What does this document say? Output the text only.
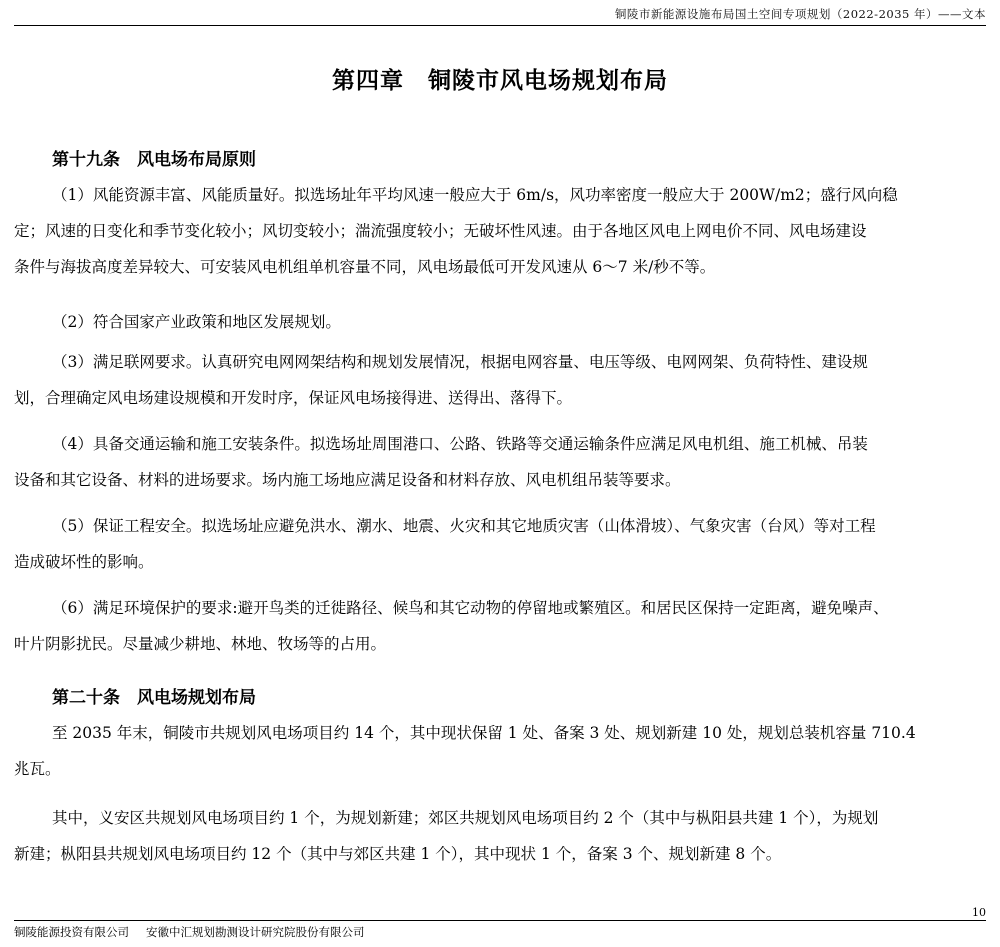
铜陵市新能源设施布局国土空间专项规划（2022-2035 年）——文本
第四章　铜陵市风电场规划布局
第十九条　风电场布局原则

（1）风能资源丰富、风能质量好。拟选场址年平均风速一般应大于 6m/s，风功率密度一般应大于 200W/m2；盛行风向稳
定；风速的日变化和季节变化较小；风切变较小；湍流强度较小；无破坏性风速。由于各地区风电上网电价不同、风电场建设
条件与海拔高度差异较大、可安装风电机组单机容量不同，风电场最低可开发风速从 6～7 米/秒不等。

（2）符合国家产业政策和地区发展规划。

（3）满足联网要求。认真研究电网网架结构和规划发展情况，根据电网容量、电压等级、电网网架、负荷特性、建设规
划，合理确定风电场建设规模和开发时序，保证风电场接得进、送得出、落得下。

（4）具备交通运输和施工安装条件。拟选场址周围港口、公路、铁路等交通运输条件应满足风电机组、施工机械、吊装
设备和其它设备、材料的进场要求。场内施工场地应满足设备和材料存放、风电机组吊装等要求。

（5）保证工程安全。拟选场址应避免洪水、潮水、地震、火灾和其它地质灾害（山体滑坡）、气象灾害（台风）等对工程
造成破坏性的影响。

（6）满足环境保护的要求:避开鸟类的迁徙路径、候鸟和其它动物的停留地或繁殖区。和居民区保持一定距离，避免噪声、
叶片阴影扰民。尽量减少耕地、林地、牧场等的占用。

第二十条　风电场规划布局

至 2035 年末，铜陵市共规划风电场项目约 14 个，其中现状保留 1 处、备案 3 处、规划新建 10 处，规划总装机容量 710.4
兆瓦。

其中，义安区共规划风电场项目约 1 个，为规划新建；郊区共规划风电场项目约 2 个（其中与枞阳县共建 1 个），为规划
新建；枞阳县共规划风电场项目约 12 个（其中与郊区共建 1 个），其中现状 1 个，备案 3 个、规划新建 8 个。

10
铜陵能源投资有限公司 安徽中汇规划勘测设计研究院股份有限公司
